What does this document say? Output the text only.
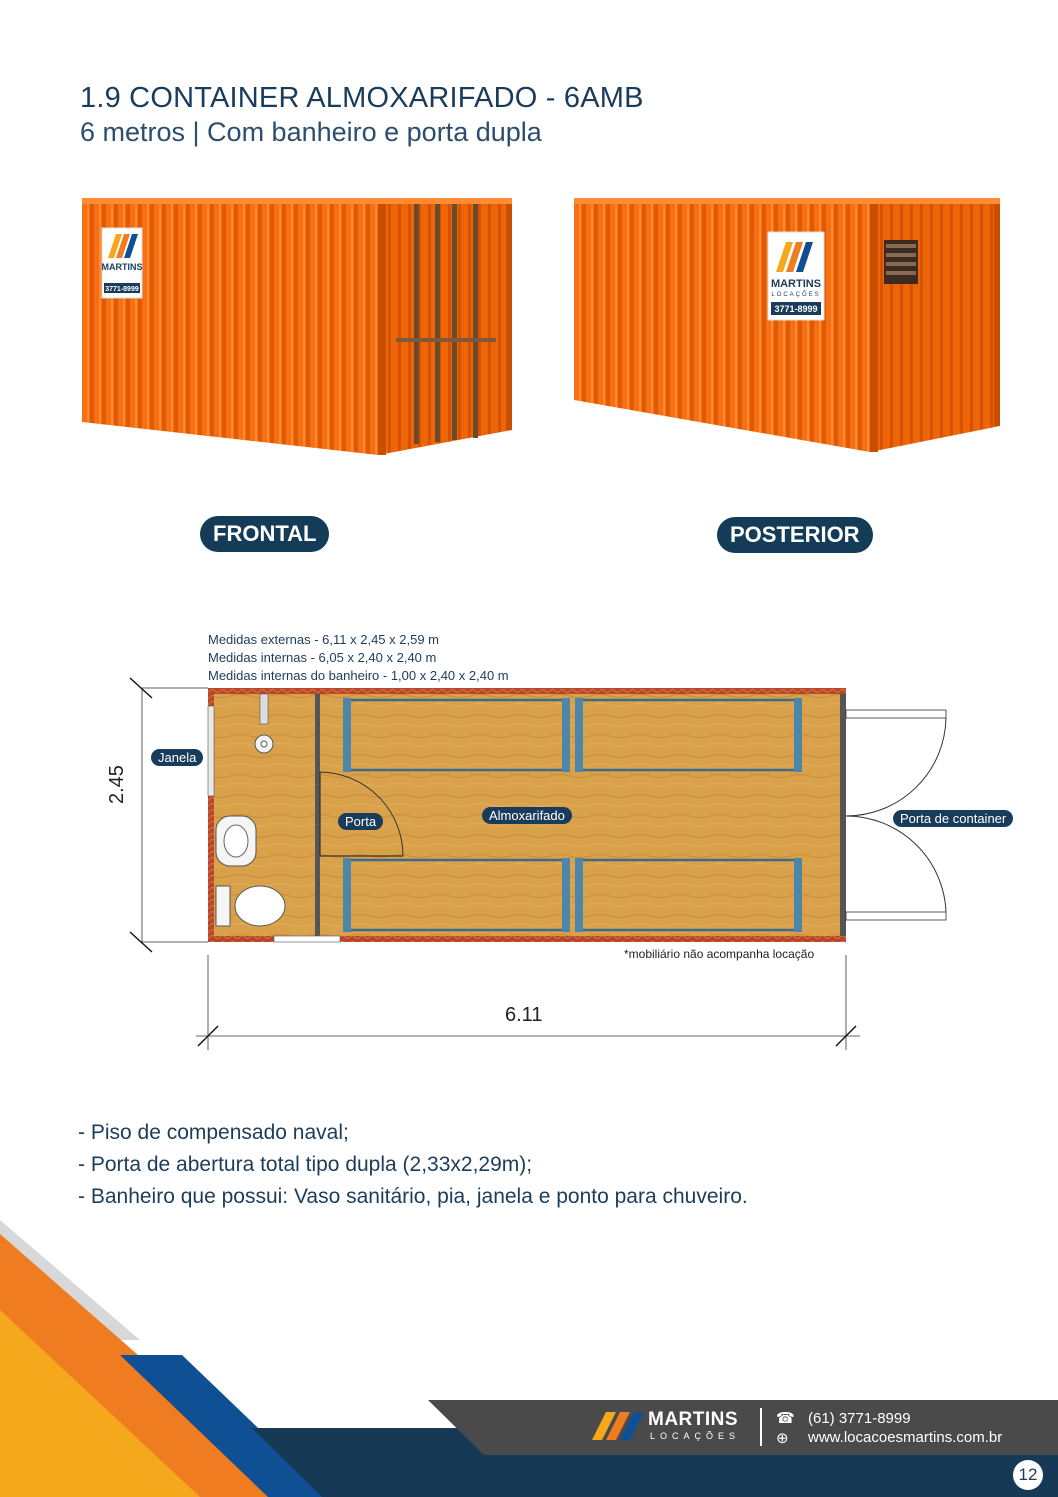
1.9 CONTAINER ALMOXARIFADO - 6AMB
6 metros | Com banheiro e porta dupla
MARTINS
3771-8999	MARTINS
LOCAÇÕES
3771-8999
FRONTAL	POSTERIOR
Medidas externas - 6,11 x 2,45 x 2,59 m
Medidas internas - 6,05 x 2,40 x 2,40 m
Medidas internas do banheiro - 1,00 x 2,40 x 2,40 m
Janela
Porta	Almoxarifado	Porta de container
2.45
6.11
*mobiliário não acompanha locação
- Piso de compensado naval;
- Porta de abertura total tipo dupla (2,33x2,29m);
- Banheiro que possui: Vaso sanitário, pia, janela e ponto para chuveiro.
MARTINS
LOCAÇÕES
☎ (61) 3771-8999
⊕ www.locacoesmartins.com.br
12
